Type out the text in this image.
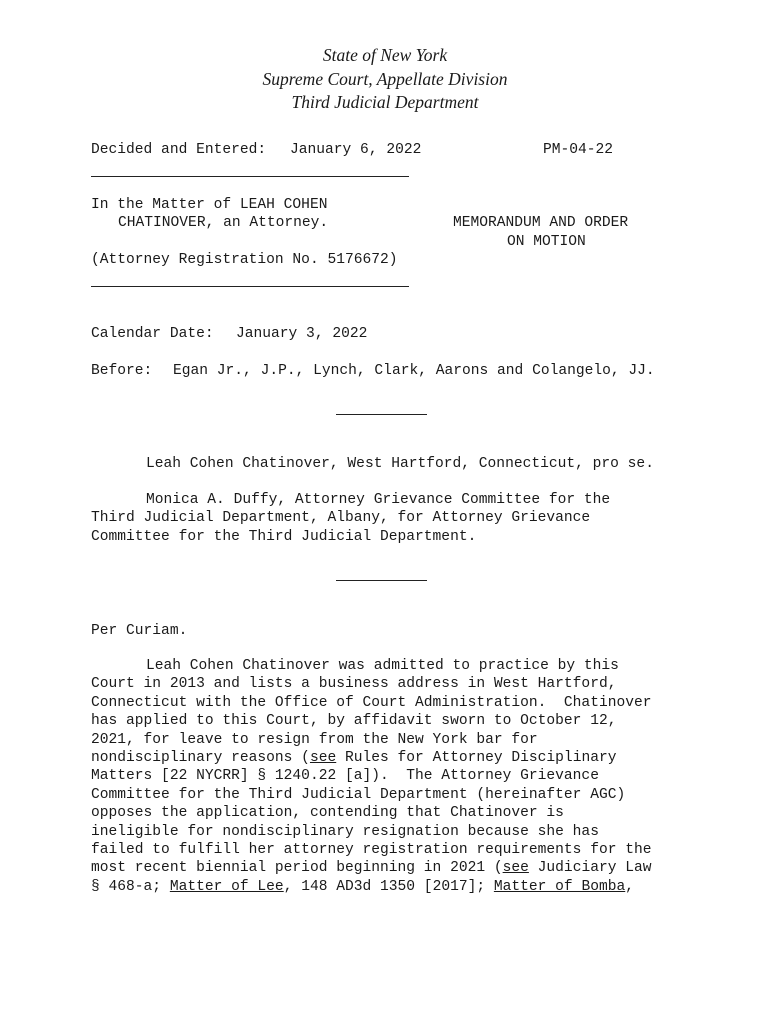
State of New York
Supreme Court, Appellate Division
Third Judicial Department
Decided and Entered: January 6, 2022	PM-04-22
In the Matter of LEAH COHEN
CHATINOVER, an Attorney.	MEMORANDUM AND ORDER
ON MOTION
(Attorney Registration No. 5176672)
Calendar Date: January 3, 2022
Before: Egan Jr., J.P., Lynch, Clark, Aarons and Colangelo, JJ.
Leah Cohen Chatinover, West Hartford, Connecticut, pro se.
Monica A. Duffy, Attorney Grievance Committee for the
Third Judicial Department, Albany, for Attorney Grievance
Committee for the Third Judicial Department.
Per Curiam.
Leah Cohen Chatinover was admitted to practice by this
Court in 2013 and lists a business address in West Hartford,
Connecticut with the Office of Court Administration.  Chatinover
has applied to this Court, by affidavit sworn to October 12,
2021, for leave to resign from the New York bar for
nondisciplinary reasons (see Rules for Attorney Disciplinary
Matters [22 NYCRR] § 1240.22 [a]).  The Attorney Grievance
Committee for the Third Judicial Department (hereinafter AGC)
opposes the application, contending that Chatinover is
ineligible for nondisciplinary resignation because she has
failed to fulfill her attorney registration requirements for the
most recent biennial period beginning in 2021 (see Judiciary Law
§ 468-a; Matter of Lee, 148 AD3d 1350 [2017]; Matter of Bomba,
